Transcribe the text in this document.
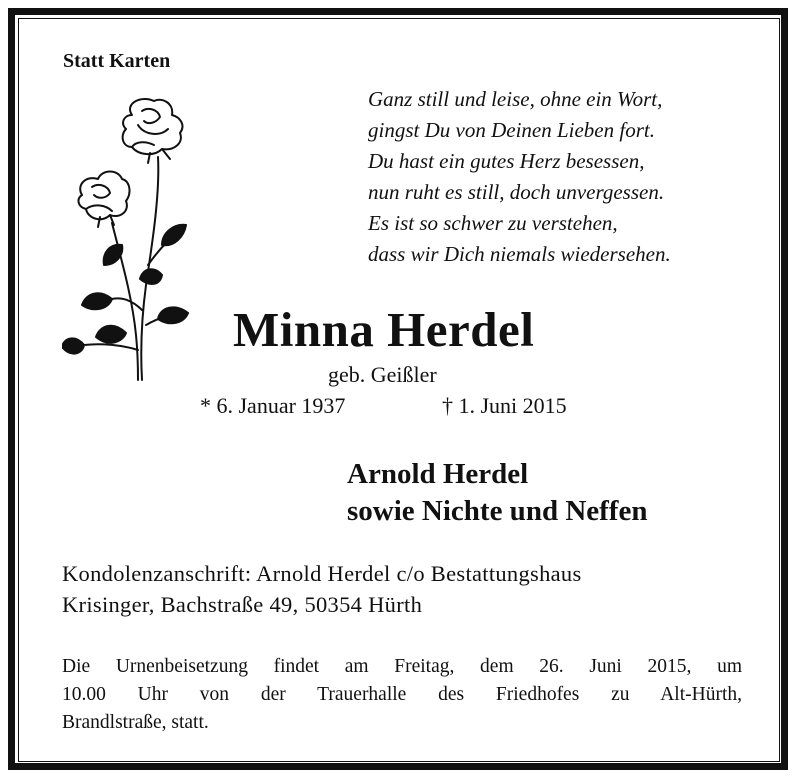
Statt Karten
Ganz still und leise, ohne ein Wort,
gingst Du von Deinen Lieben fort.
Du hast ein gutes Herz besessen,
nun ruht es still, doch unvergessen.
Es ist so schwer zu verstehen,
dass wir Dich niemals wiedersehen.
Minna Herdel
geb. Geißler
* 6. Januar 1937	† 1. Juni 2015
Arnold Herdel
sowie Nichte und Neffen
Kondolenzanschrift: Arnold Herdel c/o Bestattungshaus
Krisinger, Bachstraße 49, 50354 Hürth
Die Urnenbeisetzung findet am Freitag, dem 26. Juni 2015, um
10.00 Uhr von der Trauerhalle des Friedhofes zu Alt-Hürth,
Brandlstraße, statt.
